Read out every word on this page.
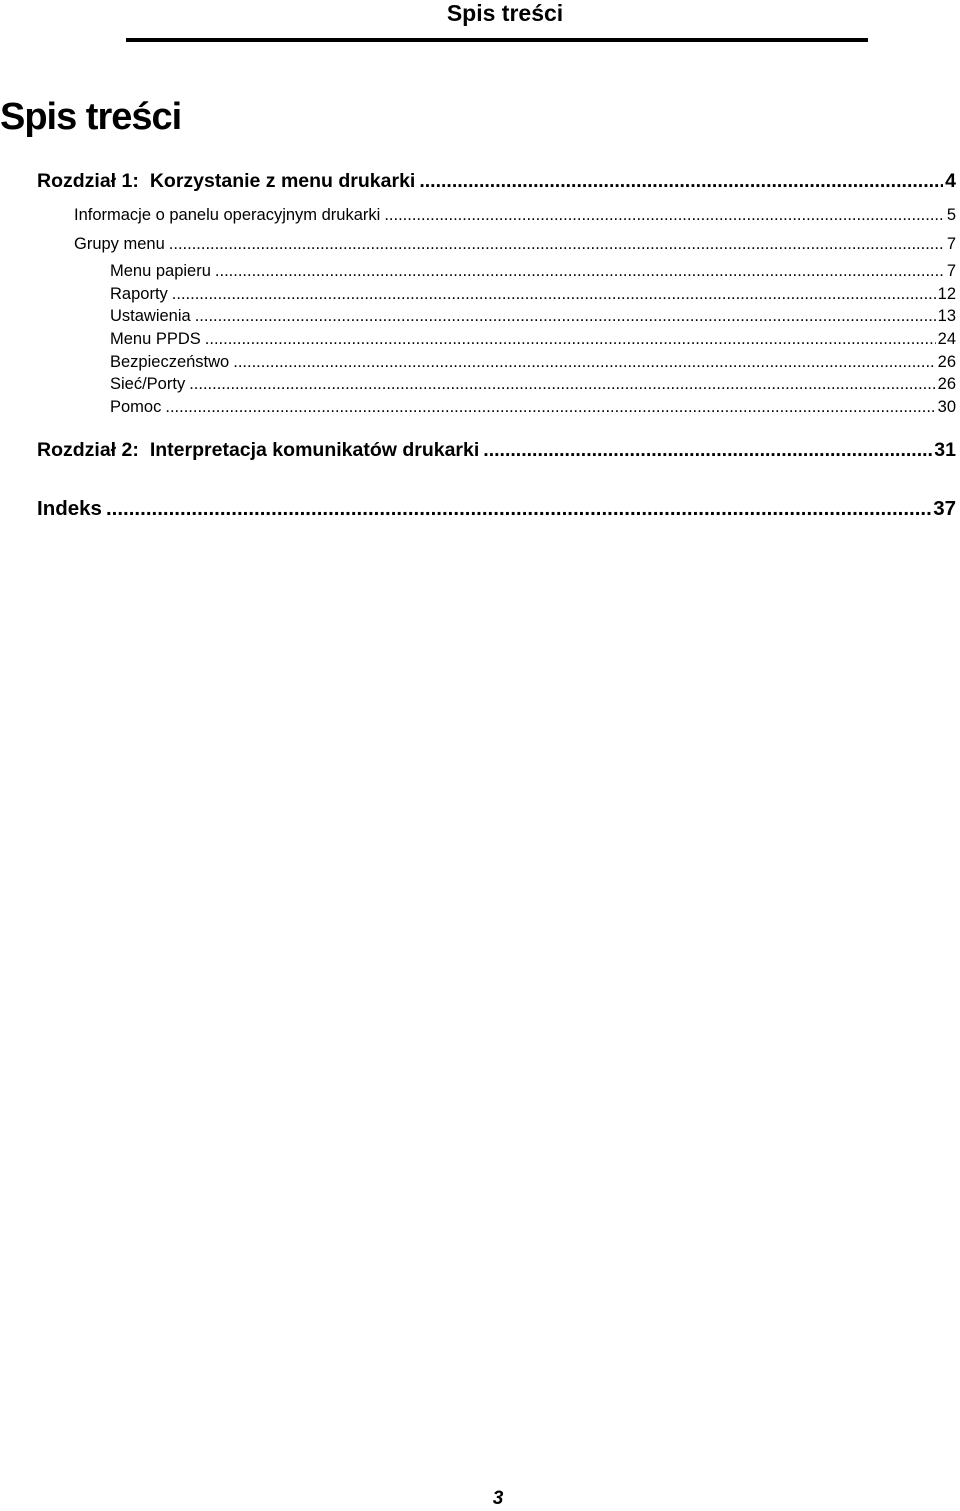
Spis treści
Spis treści
Rozdział 1: Korzystanie z menu drukarki .....	4
Informacje o panelu operacyjnym drukarki .....	5
Grupy menu .....	7
Menu papieru .....	7
Raporty .....	12
Ustawienia .....	13
Menu PPDS .....	24
Bezpieczeństwo .....	26
Sieć/Porty .....	26
Pomoc .....	30
Rozdział 2: Interpretacja komunikatów drukarki .....	31
Indeks .....	37
3
